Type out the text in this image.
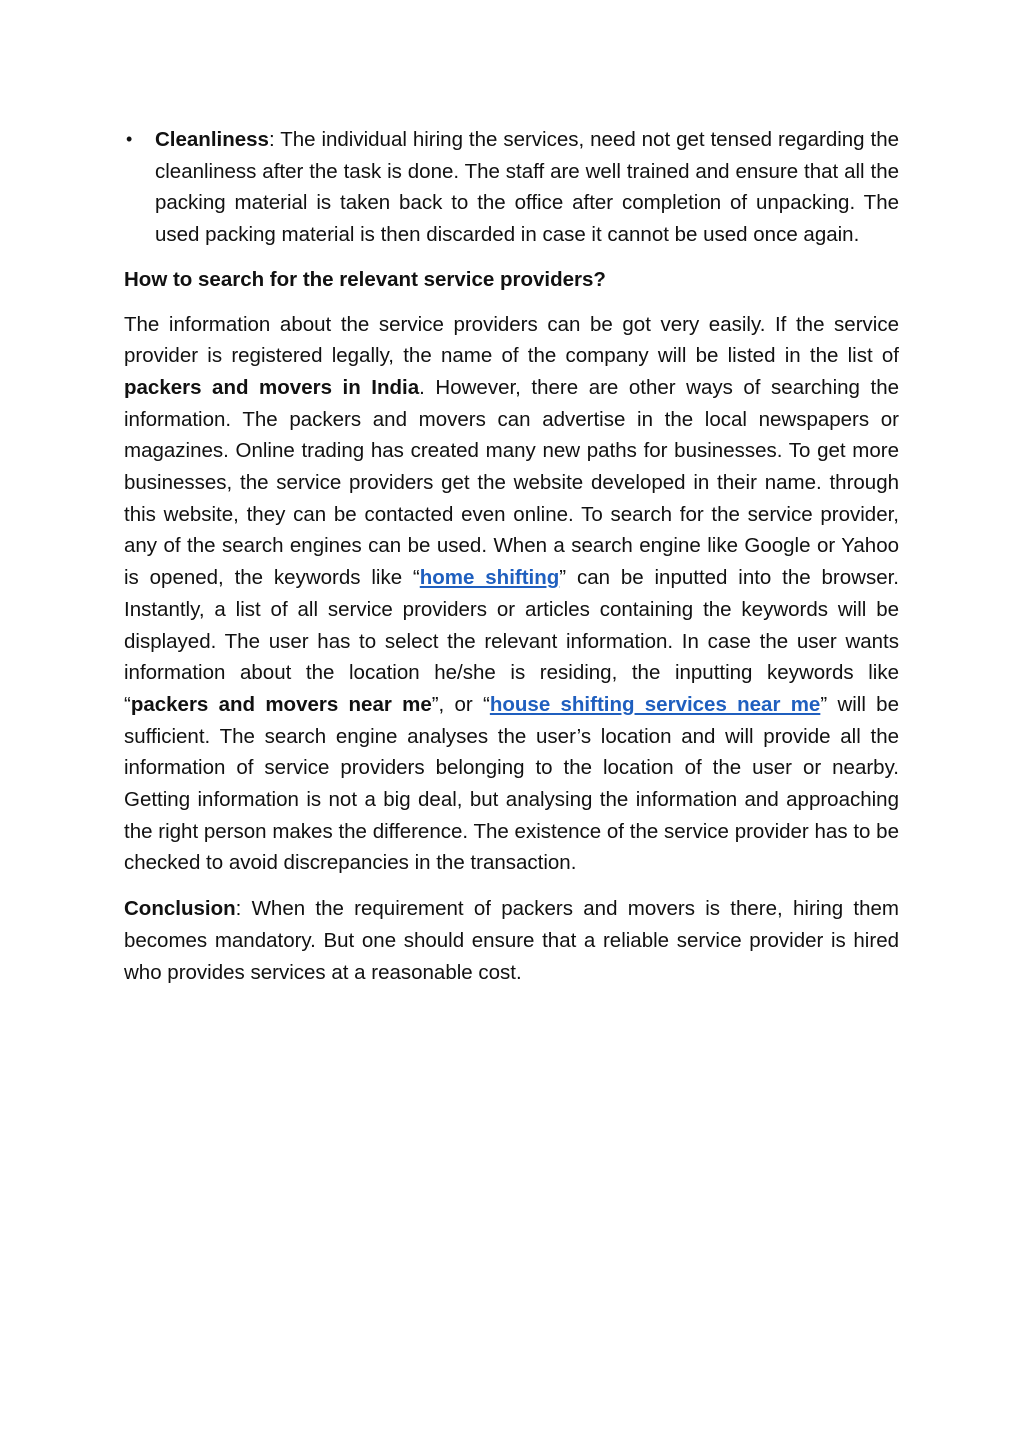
• Cleanliness: The individual hiring the services, need not get tensed regarding the cleanliness after the task is done. The staff are well trained and ensure that all the packing material is taken back to the office after completion of unpacking. The used packing material is then discarded in case it cannot be used once again.
How to search for the relevant service providers?

The information about the service providers can be got very easily. If the service provider is registered legally, the name of the company will be listed in the list of packers and movers in India. However, there are other ways of searching the information. The packers and movers can advertise in the local newspapers or magazines. Online trading has created many new paths for businesses. To get more businesses, the service providers get the website developed in their name. through this website, they can be contacted even online. To search for the service provider, any of the search engines can be used. When a search engine like Google or Yahoo is opened, the keywords like “home shifting” can be inputted into the browser. Instantly, a list of all service providers or articles containing the keywords will be displayed. The user has to select the relevant information. In case the user wants information about the location he/she is residing, the inputting keywords like “packers and movers near me”, or “house shifting services near me” will be sufficient. The search engine analyses the user’s location and will provide all the information of service providers belonging to the location of the user or nearby. Getting information is not a big deal, but analysing the information and approaching the right person makes the difference. The existence of the service provider has to be checked to avoid discrepancies in the transaction.

Conclusion: When the requirement of packers and movers is there, hiring them becomes mandatory. But one should ensure that a reliable service provider is hired who provides services at a reasonable cost.
